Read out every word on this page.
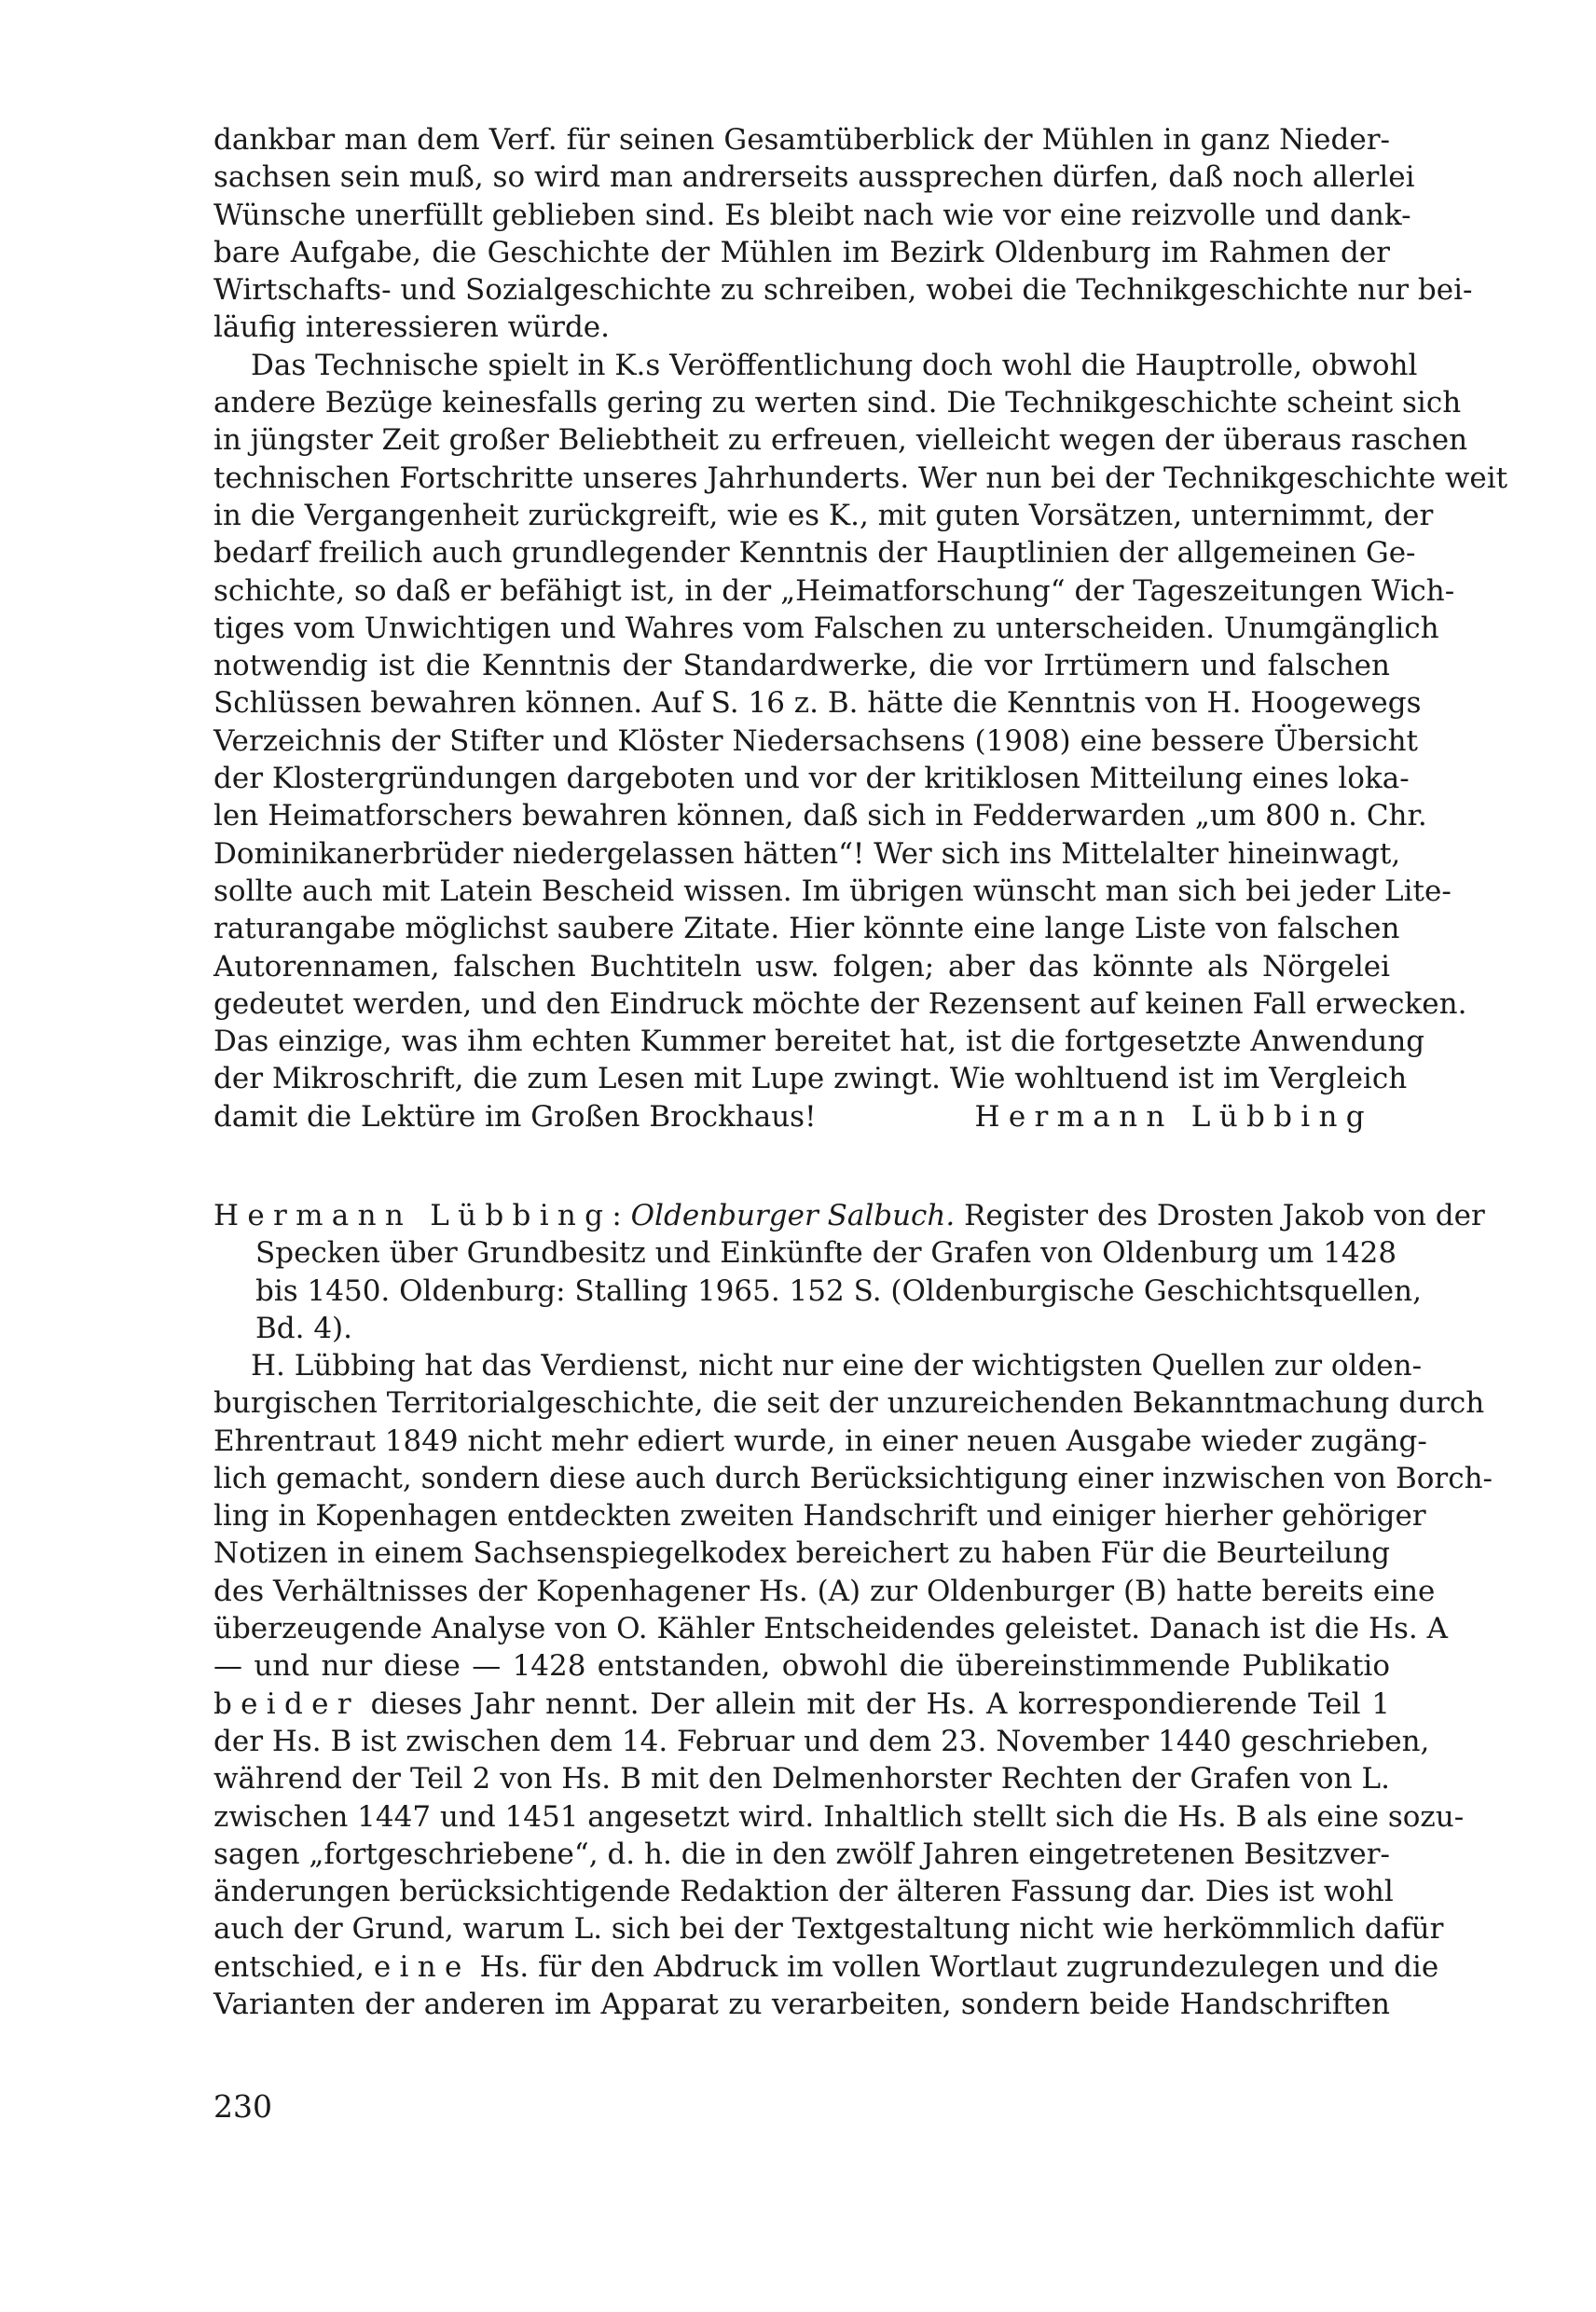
dankbar man dem Verf. für seinen Gesamtüberblick der Mühlen in ganz Nieder-
sachsen sein muß, so wird man andrerseits aussprechen dürfen, daß noch allerlei
Wünsche unerfüllt geblieben sind. Es bleibt nach wie vor eine reizvolle und dank-
bare Aufgabe, die Geschichte der Mühlen im Bezirk Oldenburg im Rahmen der
Wirtschafts- und Sozialgeschichte zu schreiben, wobei die Technikgeschichte nur bei-
läufig interessieren würde.
Das Technische spielt in K.s Veröffentlichung doch wohl die Hauptrolle, obwohl
andere Bezüge keinesfalls gering zu werten sind. Die Technikgeschichte scheint sich
in jüngster Zeit großer Beliebtheit zu erfreuen, vielleicht wegen der überaus raschen
technischen Fortschritte unseres Jahrhunderts. Wer nun bei der Technikgeschichte weit
in die Vergangenheit zurückgreift, wie es K., mit guten Vorsätzen, unternimmt, der
bedarf freilich auch grundlegender Kenntnis der Hauptlinien der allgemeinen Ge-
schichte, so daß er befähigt ist, in der „Heimatforschung“ der Tageszeitungen Wich-
tiges vom Unwichtigen und Wahres vom Falschen zu unterscheiden. Unumgänglich
notwendig ist die Kenntnis der Standardwerke, die vor Irrtümern und falschen
Schlüssen bewahren können. Auf S. 16 z. B. hätte die Kenntnis von H. Hoogewegs
Verzeichnis der Stifter und Klöster Niedersachsens (1908) eine bessere Übersicht
der Klostergründungen dargeboten und vor der kritiklosen Mitteilung eines loka-
len Heimatforschers bewahren können, daß sich in Fedderwarden „um 800 n. Chr.
Dominikanerbrüder niedergelassen hätten“! Wer sich ins Mittelalter hineinwagt,
sollte auch mit Latein Bescheid wissen. Im übrigen wünscht man sich bei jeder Lite-
raturangabe möglichst saubere Zitate. Hier könnte eine lange Liste von falschen
Autorennamen, falschen Buchtiteln usw. folgen; aber das könnte als Nörgelei
gedeutet werden, und den Eindruck möchte der Rezensent auf keinen Fall erwecken.
Das einzige, was ihm echten Kummer bereitet hat, ist die fortgesetzte Anwendung
der Mikroschrift, die zum Lesen mit Lupe zwingt. Wie wohltuend ist im Vergleich
damit die Lektüre im Großen Brockhaus!	Hermann Lübbing
Hermann Lübbing: Oldenburger Salbuch. Register des Drosten Jakob von der
Specken über Grundbesitz und Einkünfte der Grafen von Oldenburg um 1428
bis 1450. Oldenburg: Stalling 1965. 152 S. (Oldenburgische Geschichtsquellen,
Bd. 4).
H. Lübbing hat das Verdienst, nicht nur eine der wichtigsten Quellen zur olden-
burgischen Territorialgeschichte, die seit der unzureichenden Bekanntmachung durch
Ehrentraut 1849 nicht mehr ediert wurde, in einer neuen Ausgabe wieder zugäng-
lich gemacht, sondern diese auch durch Berücksichtigung einer inzwischen von Borch-
ling in Kopenhagen entdeckten zweiten Handschrift und einiger hierher gehöriger
Notizen in einem Sachsenspiegelkodex bereichert zu haben Für die Beurteilung
des Verhältnisses der Kopenhagener Hs. (A) zur Oldenburger (B) hatte bereits eine
überzeugende Analyse von O. Kähler Entscheidendes geleistet. Danach ist die Hs. A
— und nur diese — 1428 entstanden, obwohl die übereinstimmende Publikatio
beider dieses Jahr nennt. Der allein mit der Hs. A korrespondierende Teil 1
der Hs. B ist zwischen dem 14. Februar und dem 23. November 1440 geschrieben,
während der Teil 2 von Hs. B mit den Delmenhorster Rechten der Grafen von L.
zwischen 1447 und 1451 angesetzt wird. Inhaltlich stellt sich die Hs. B als eine sozu-
sagen „fortgeschriebene“, d. h. die in den zwölf Jahren eingetretenen Besitzver-
änderungen berücksichtigende Redaktion der älteren Fassung dar. Dies ist wohl
auch der Grund, warum L. sich bei der Textgestaltung nicht wie herkömmlich dafür
entschied, eine Hs. für den Abdruck im vollen Wortlaut zugrundezulegen und die
Varianten der anderen im Apparat zu verarbeiten, sondern beide Handschriften
230
